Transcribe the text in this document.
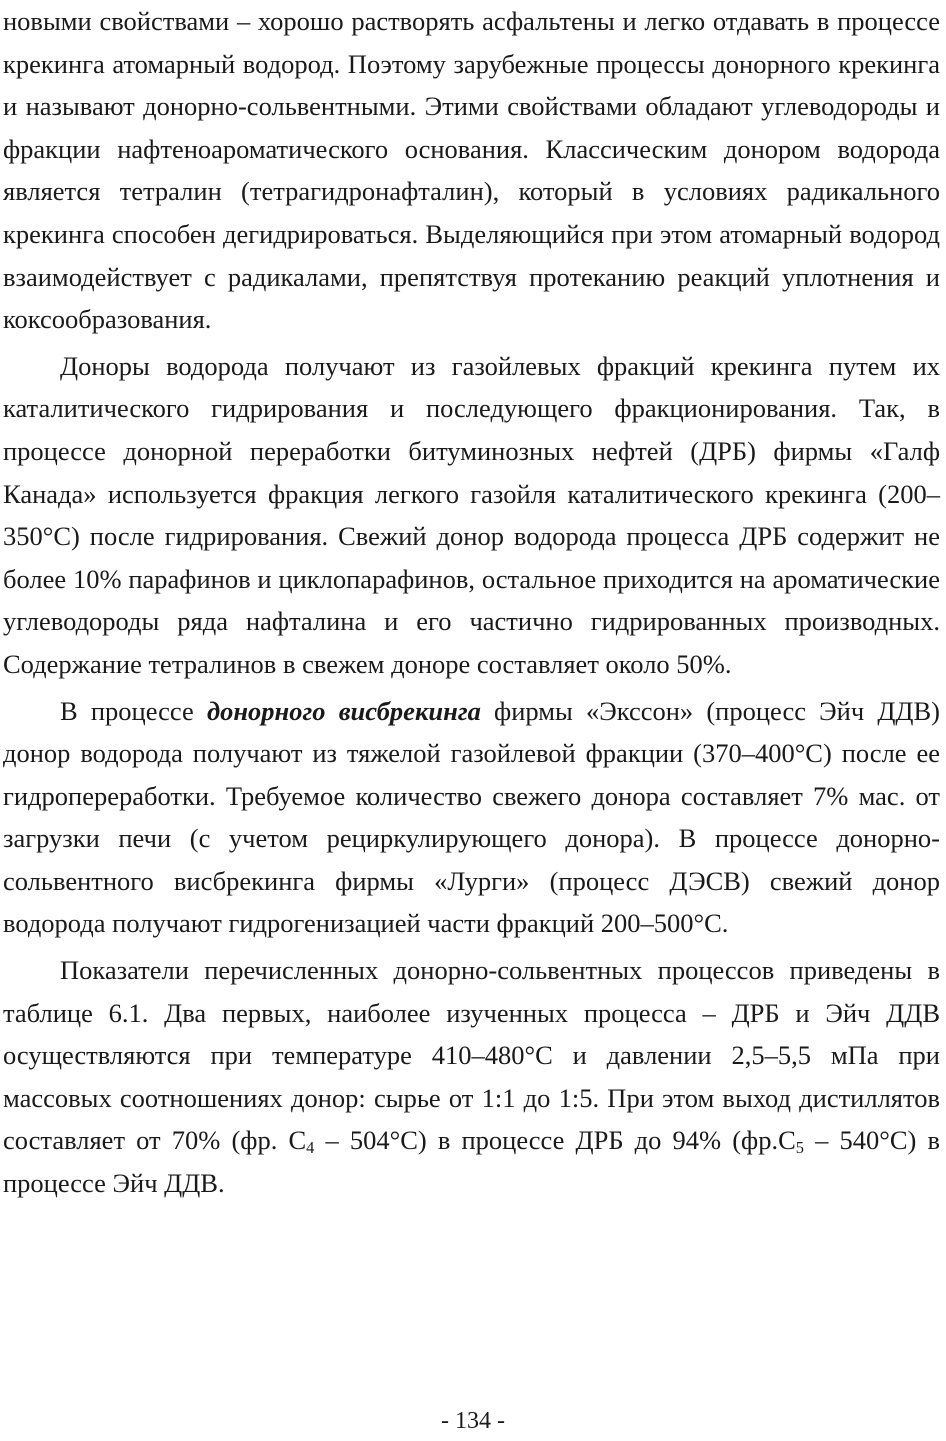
новыми свойствами – хорошо растворять асфальтены и легко отдавать в процессе крекинга атомарный водород. Поэтому зарубежные процессы донорного крекинга и называют донорно-сольвентными. Этими свойствами обладают углеводороды и фракции нафтеноароматического основания. Классическим донором водорода является тетралин (тетрагидронафталин), который в условиях радикального крекинга способен дегидрироваться. Выделяющийся при этом атомарный водород взаимодействует с радикалами, препятствуя протеканию реакций уплотнения и коксообразования.

Доноры водорода получают из газойлевых фракций крекинга путем их каталитического гидрирования и последующего фракционирования. Так, в процессе донорной переработки битуминозных нефтей (ДРБ) фирмы «Галф Канада» используется фракция легкого газойля каталитического крекинга (200–350°С) после гидрирования. Свежий донор водорода процесса ДРБ содержит не более 10% парафинов и циклопарафинов, остальное приходится на ароматические углеводороды ряда нафталина и его частично гидрированных производных. Содержание тетралинов в свежем доноре составляет около 50%.

В процессе донорного висбрекинга фирмы «Экссон» (процесс Эйч ДДВ) донор водорода получают из тяжелой газойлевой фракции (370–400°С) после ее гидропереработки. Требуемое количество свежего донора составляет 7% мас. от загрузки печи (с учетом рециркулирующего донора). В процессе донорно-сольвентного висбрекинга фирмы «Лурги» (процесс ДЭСВ) свежий донор водорода получают гидрогенизацией части фракций 200–500°С.

Показатели перечисленных донорно-сольвентных процессов приведены в таблице 6.1. Два первых, наиболее изученных процесса – ДРБ и Эйч ДДВ осуществляются при температуре 410–480°С и давлении 2,5–5,5 мПа при массовых соотношениях донор: сырье от 1:1 до 1:5. При этом выход дистиллятов составляет от 70% (фр. $С_4 - 504^\circ С$) в процессе ДРБ до 94% $(фр.С_5 - 540^\circ С)$ в процессе Эйч ДДВ.

- 134 -
